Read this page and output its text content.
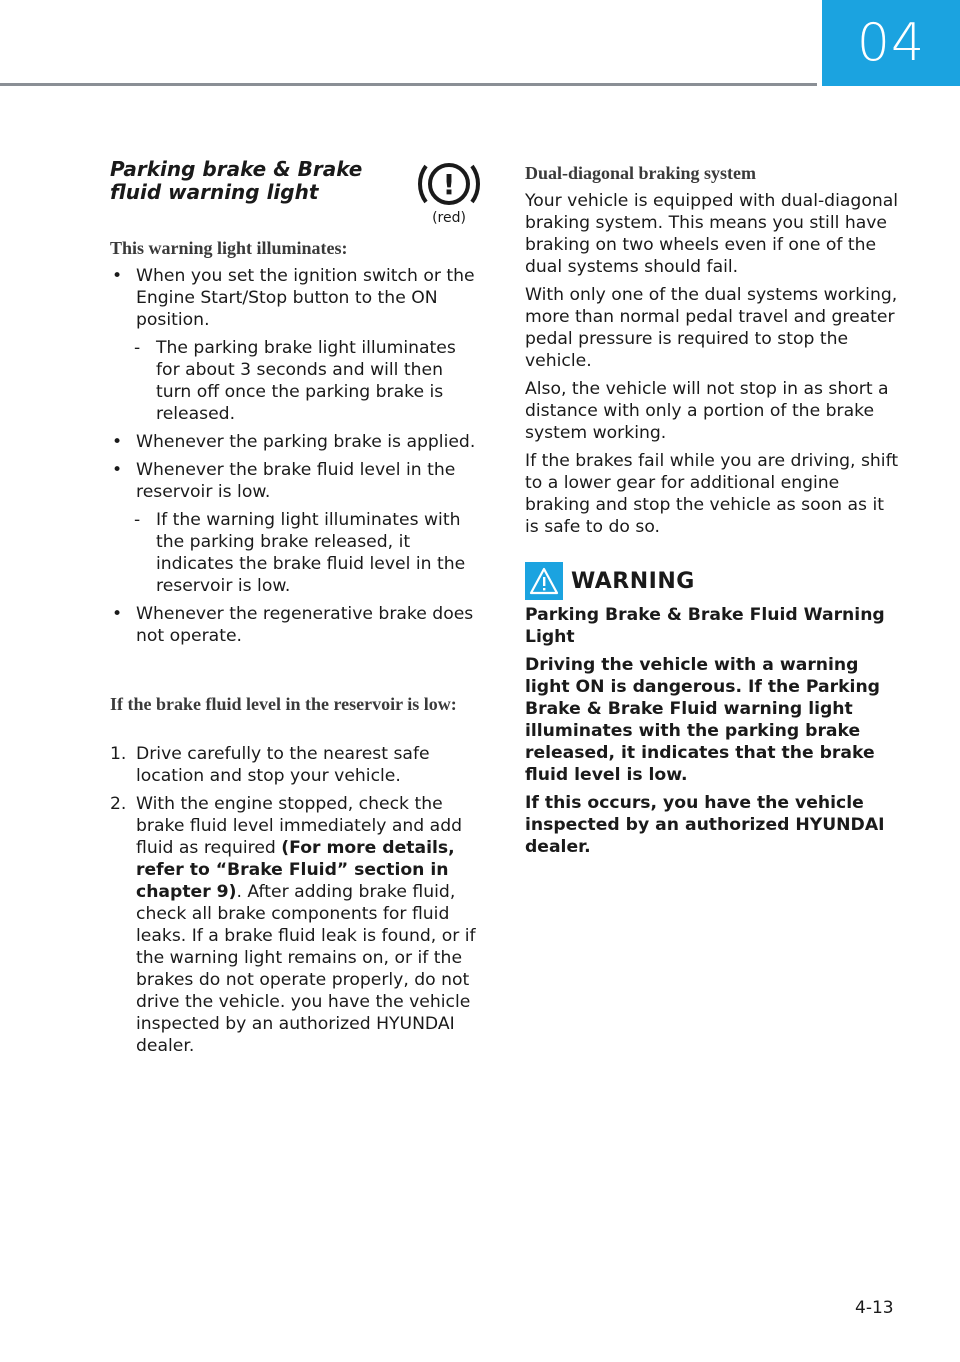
04
Parking brake & Brake fluid warning light	!
(red)

This warning light illuminates:

• When you set the ignition switch or the Engine Start/Stop button to the ON position.
- The parking brake light illuminates for about 3 seconds and will then turn off once the parking brake is released.
• Whenever the parking brake is applied.
• Whenever the brake fluid level in the reservoir is low.
- If the warning light illuminates with the parking brake released, it indicates the brake fluid level in the reservoir is low.
• Whenever the regenerative brake does not operate.

If the brake fluid level in the reservoir is low:

1. Drive carefully to the nearest safe location and stop your vehicle.
2. With the engine stopped, check the brake fluid level immediately and add fluid as required (For more details, refer to “Brake Fluid” section in chapter 9). After adding brake fluid, check all brake components for fluid leaks. If a brake fluid leak is found, or if the warning light remains on, or if the brakes do not operate properly, do not drive the vehicle. you have the vehicle inspected by an authorized HYUNDAI dealer.

Dual-diagonal braking system

Your vehicle is equipped with dual-diagonal braking system. This means you still have braking on two wheels even if one of the dual systems should fail.

With only one of the dual systems working, more than normal pedal travel and greater pedal pressure is required to stop the vehicle.

Also, the vehicle will not stop in as short a distance with only a portion of the brake system working.

If the brakes fail while you are driving, shift to a lower gear for additional engine braking and stop the vehicle as soon as it is safe to do so.

WARNING

Parking Brake & Brake Fluid Warning Light

Driving the vehicle with a warning light ON is dangerous. If the Parking Brake & Brake Fluid warning light illuminates with the parking brake released, it indicates that the brake fluid level is low.

If this occurs, you have the vehicle inspected by an authorized HYUNDAI dealer.

4-13
